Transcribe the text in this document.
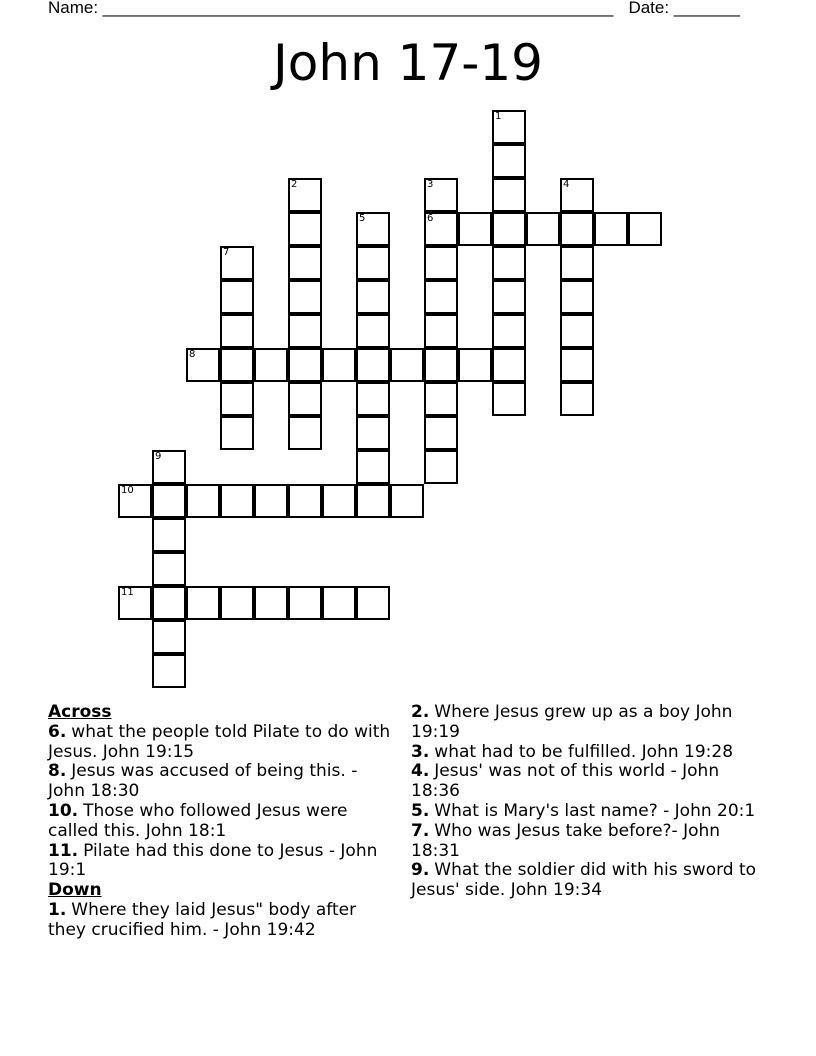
Name: ______________________________________________________ Date: _______
John 17-19
1
2	3
6
4
5
7
8
9
10
11
Across

6. what the people told Pilate to do with Jesus. John 19:15

8. Jesus was accused of being this. - John 18:30

10. Those who followed Jesus were called this. John 18:1

11. Pilate had this done to Jesus - John 19:1

Down

1. Where they laid Jesus" body after they crucified him. - John 19:42

2. Where Jesus grew up as a boy John 19:19

3. what had to be fulfilled. John 19:28

4. Jesus' was not of this world - John 18:36

5. What is Mary's last name? - John 20:1

7. Who was Jesus take before?- John 18:31

9. What the soldier did with his sword to Jesus' side. John 19:34
